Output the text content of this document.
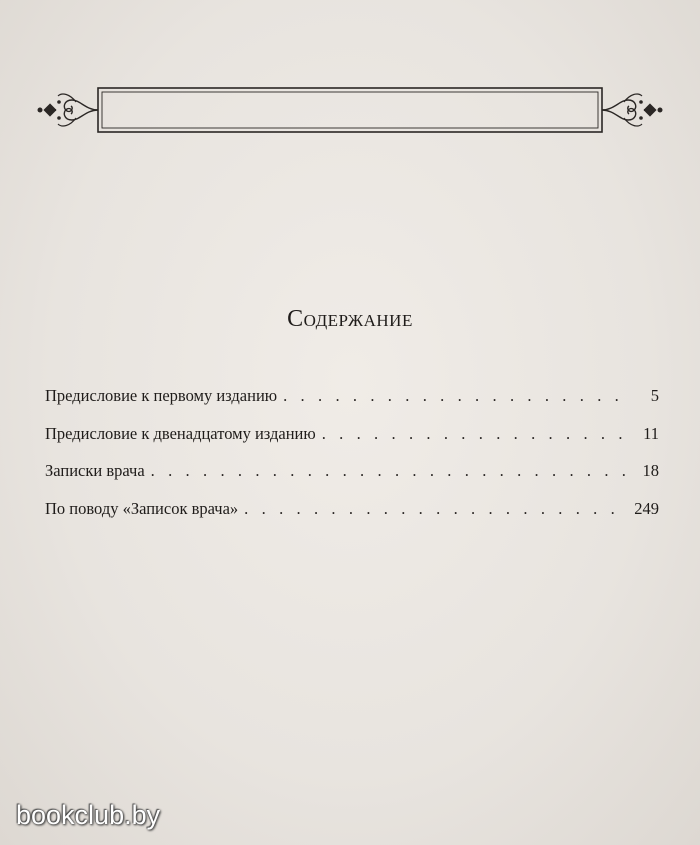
Содержание
Предисловие к первому изданию . . .	5
Предисловие к двенадцатому изданию . . .	11
Записки врача . . .	18
По поводу «Записок врача» . . .	249
bookclub.by
